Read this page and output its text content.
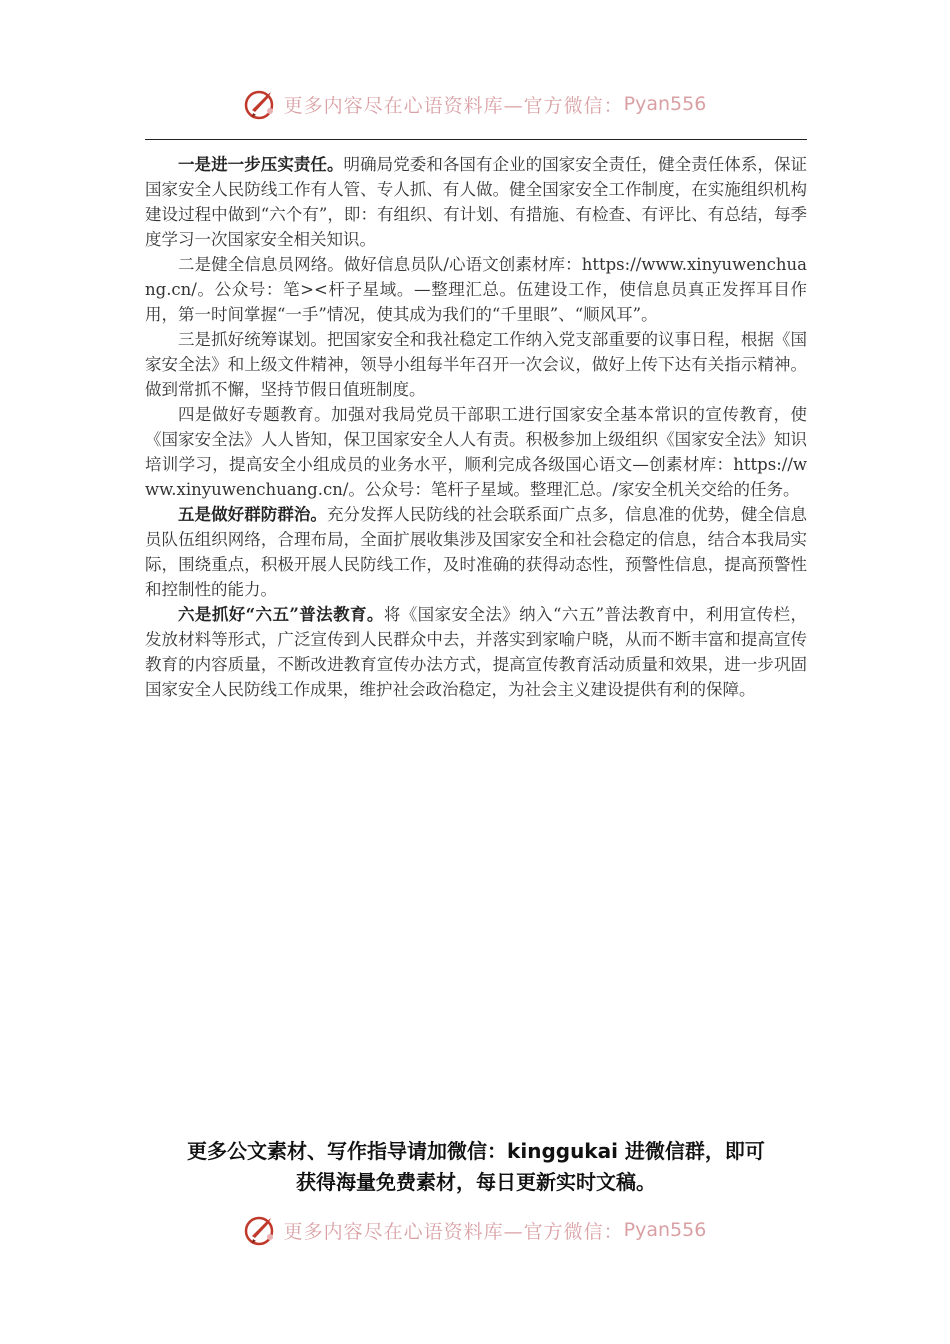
更多内容尽在心语资料库—官方微信： Pyan556

一是进一步压实责任。明确局党委和各国有企业的国家安全责任，健全责任体系，保证国家安全人民防线工作有人管、专人抓、有人做。健全国家安全工作制度，在实施组织机构建设过程中做到“六个有”，即：有组织、有计划、有措施、有检查、有评比、有总结，每季度学习一次国家安全相关知识。

二是健全信息员网络。做好信息员队/心语文创素材库：https://www.xinyuwenchuang.cn/。公众号：笔><杆子星域。—整理汇总。伍建设工作，使信息员真正发挥耳目作用，第一时间掌握“一手”情况，使其成为我们的“千里眼”、“顺风耳”。

三是抓好统筹谋划。把国家安全和我社稳定工作纳入党支部重要的议事日程，根据《国家安全法》和上级文件精神，领导小组每半年召开一次会议，做好上传下达有关指示精神。做到常抓不懈，坚持节假日值班制度。

四是做好专题教育。加强对我局党员干部职工进行国家安全基本常识的宣传教育，使《国家安全法》人人皆知，保卫国家安全人人有责。积极参加上级组织《国家安全法》知识培训学习，提高安全小组成员的业务水平，顺利完成各级国心语文—创素材库：https://www.xinyuwenchuang.cn/。公众号：笔杆子星域。整理汇总。/家安全机关交给的任务。

五是做好群防群治。充分发挥人民防线的社会联系面广点多，信息准的优势，健全信息员队伍组织网络，合理布局，全面扩展收集涉及国家安全和社会稳定的信息，结合本我局实际，围绕重点，积极开展人民防线工作，及时准确的获得动态性，预警性信息，提高预警性和控制性的能力。

六是抓好“六五”普法教育。将《国家安全法》纳入“六五”普法教育中，利用宣传栏，发放材料等形式，广泛宣传到人民群众中去，并落实到家喻户晓，从而不断丰富和提高宣传教育的内容质量，不断改进教育宣传办法方式，提高宣传教育活动质量和效果，进一步巩固国家安全人民防线工作成果，维护社会政治稳定，为社会主义建设提供有利的保障。

更多公文素材、写作指导请加微信：kinggukai 进微信群，即可
获得海量免费素材，每日更新实时文稿。
更多内容尽在心语资料库—官方微信： Pyan556
